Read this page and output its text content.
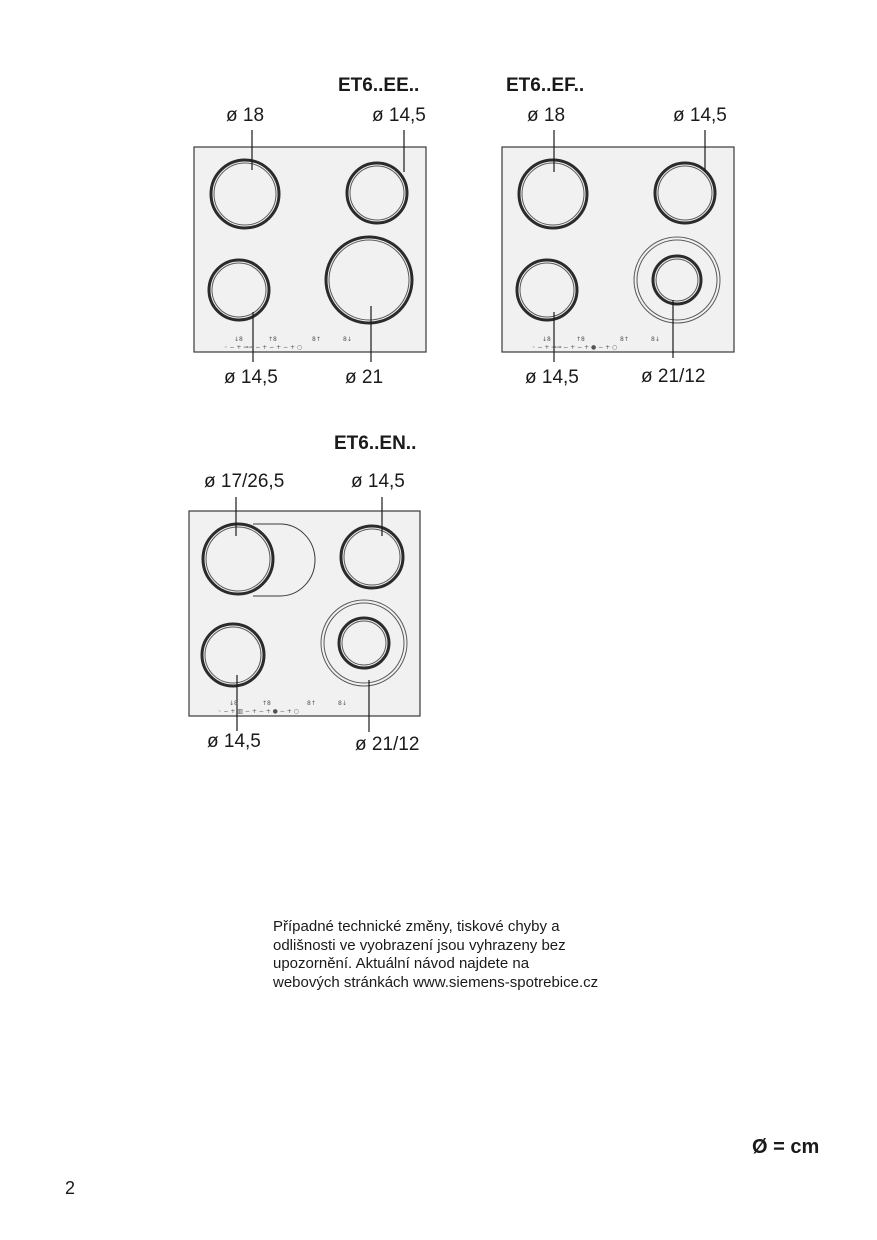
↓8	↑8	8↑	8↓
◦ − + ⊸⊸ − + − + − + ○
↓8	↑8	8↑	8↓
◦ − + ⊸⊸ − + − + ● − + ○
↓8	↑8	8↑	8↓
◦ − + ▥ − + − + ● − + ○
ET6..EE..
ø 18	ø 14,5
ø 14,5	ø 21
ET6..EF..
ø 18	ø 14,5
ø 14,5	ø 21/12
ET6..EN..
ø 17/26,5	ø 14,5
ø 14,5	ø 21/12
Případné technické změny, tiskové chyby a
odlišnosti ve vyobrazení jsou vyhrazeny bez
upozornění. Aktuální návod najdete na
webových stránkách www.siemens-spotrebice.cz
Ø = cm
2
